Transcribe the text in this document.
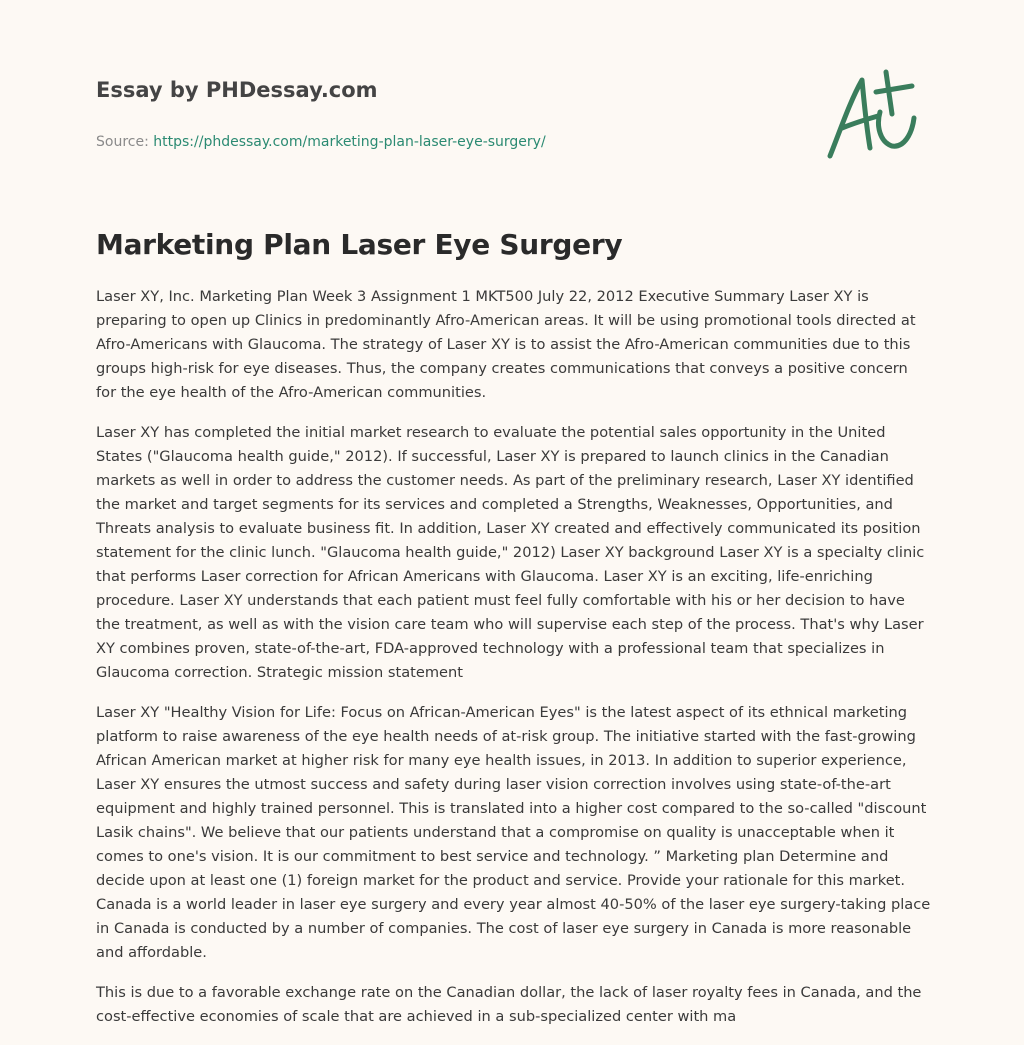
Essay by PHDessay.com
Source: https://phdessay.com/marketing-plan-laser-eye-surgery/
Marketing Plan Laser Eye Surgery

Laser XY, Inc. Marketing Plan Week 3 Assignment 1 MKT500 July 22, 2012 Executive Summary Laser XY is preparing to open up Clinics in predominantly Afro-American areas. It will be using promotional tools directed at Afro-Americans with Glaucoma. The strategy of Laser XY is to assist the Afro-American communities due to this groups high-risk for eye diseases. Thus, the company creates communications that conveys a positive concern for the eye health of the Afro-American communities.

Laser XY has completed the initial market research to evaluate the potential sales opportunity in the United States ("Glaucoma health guide," 2012). If successful, Laser XY is prepared to launch clinics in the Canadian markets as well in order to address the customer needs. As part of the preliminary research, Laser XY identified the market and target segments for its services and completed a Strengths, Weaknesses, Opportunities, and Threats analysis to evaluate business fit. In addition, Laser XY created and effectively communicated its position statement for the clinic lunch. "Glaucoma health guide," 2012) Laser XY background Laser XY is a specialty clinic that performs Laser correction for African Americans with Glaucoma. Laser XY is an exciting, life-enriching procedure. Laser XY understands that each patient must feel fully comfortable with his or her decision to have the treatment, as well as with the vision care team who will supervise each step of the process. That's why Laser XY combines proven, state-of-the-art, FDA-approved technology with a professional team that specializes in Glaucoma correction. Strategic mission statement

Laser XY "Healthy Vision for Life: Focus on African-American Eyes" is the latest aspect of its ethnical marketing platform to raise awareness of the eye health needs of at-risk group. The initiative started with the fast-growing African American market at higher risk for many eye health issues, in 2013. In addition to superior experience, Laser XY ensures the utmost success and safety during laser vision correction involves using state-of-the-art equipment and highly trained personnel. This is translated into a higher cost compared to the so-called "discount Lasik chains". We believe that our patients understand that a compromise on quality is unacceptable when it comes to one's vision. It is our commitment to best service and technology. ” Marketing plan Determine and decide upon at least one (1) foreign market for the product and service. Provide your rationale for this market. Canada is a world leader in laser eye surgery and every year almost 40-50% of the laser eye surgery-taking place in Canada is conducted by a number of companies. The cost of laser eye surgery in Canada is more reasonable and affordable.

This is due to a favorable exchange rate on the Canadian dollar, the lack of laser royalty fees in Canada, and the cost-effective economies of scale that are achieved in a sub-specialized center with ma
